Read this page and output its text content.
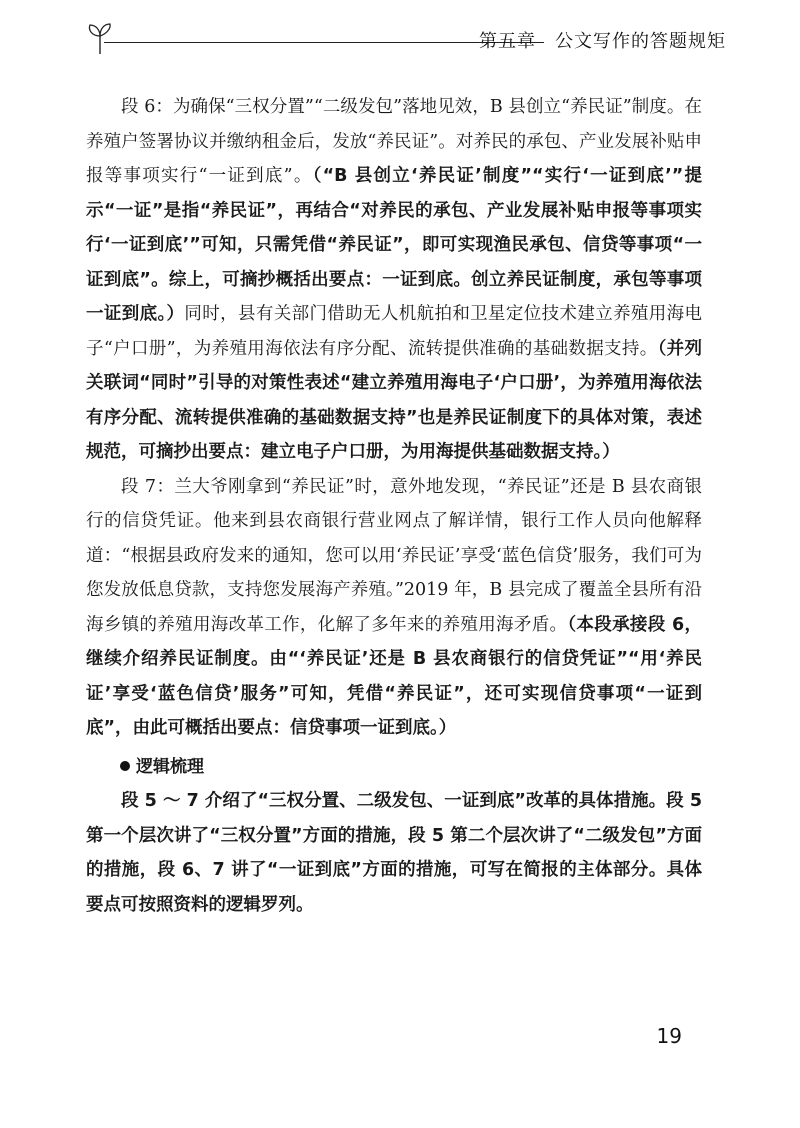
第五章　公文写作的答题规矩

段 6：为确保“三权分置”“二级发包”落地见效，B 县创立“养民证”制度。在养殖户签署协议并缴纳租金后，发放“养民证”。对养民的承包、产业发展补贴申报等事项实行“一证到底”。（“B 县创立‘养民证’制度”“实行‘一证到底’”提示“一证”是指“养民证”，再结合“对养民的承包、产业发展补贴申报等事项实行‘一证到底’”可知，只需凭借“养民证”，即可实现渔民承包、信贷等事项“一证到底”。综上，可摘抄概括出要点：一证到底。创立养民证制度，承包等事项一证到底。）同时，县有关部门借助无人机航拍和卫星定位技术建立养殖用海电子“户口册”，为养殖用海依法有序分配、流转提供准确的基础数据支持。（并列关联词“同时”引导的对策性表述“建立养殖用海电子‘户口册’，为养殖用海依法有序分配、流转提供准确的基础数据支持”也是养民证制度下的具体对策，表述规范，可摘抄出要点：建立电子户口册，为用海提供基础数据支持。）

段 7：兰大爷刚拿到“养民证”时，意外地发现，“养民证”还是 B 县农商银行的信贷凭证。他来到县农商银行营业网点了解详情，银行工作人员向他解释道：“根据县政府发来的通知，您可以用‘养民证’享受‘蓝色信贷’服务，我们可为您发放低息贷款，支持您发展海产养殖。”2019 年，B 县完成了覆盖全县所有沿海乡镇的养殖用海改革工作，化解了多年来的养殖用海矛盾。（本段承接段 6，继续介绍养民证制度。由“‘养民证’还是 B 县农商银行的信贷凭证”“用‘养民证’享受‘蓝色信贷’服务”可知，凭借“养民证”，还可实现信贷事项“一证到底”，由此可概括出要点：信贷事项一证到底。）

逻辑梳理

段 5 ～ 7 介绍了“三权分置、二级发包、一证到底”改革的具体措施。段 5 第一个层次讲了“三权分置”方面的措施，段 5 第二个层次讲了“二级发包”方面的措施，段 6、7 讲了“一证到底”方面的措施，可写在简报的主体部分。具体要点可按照资料的逻辑罗列。

19
